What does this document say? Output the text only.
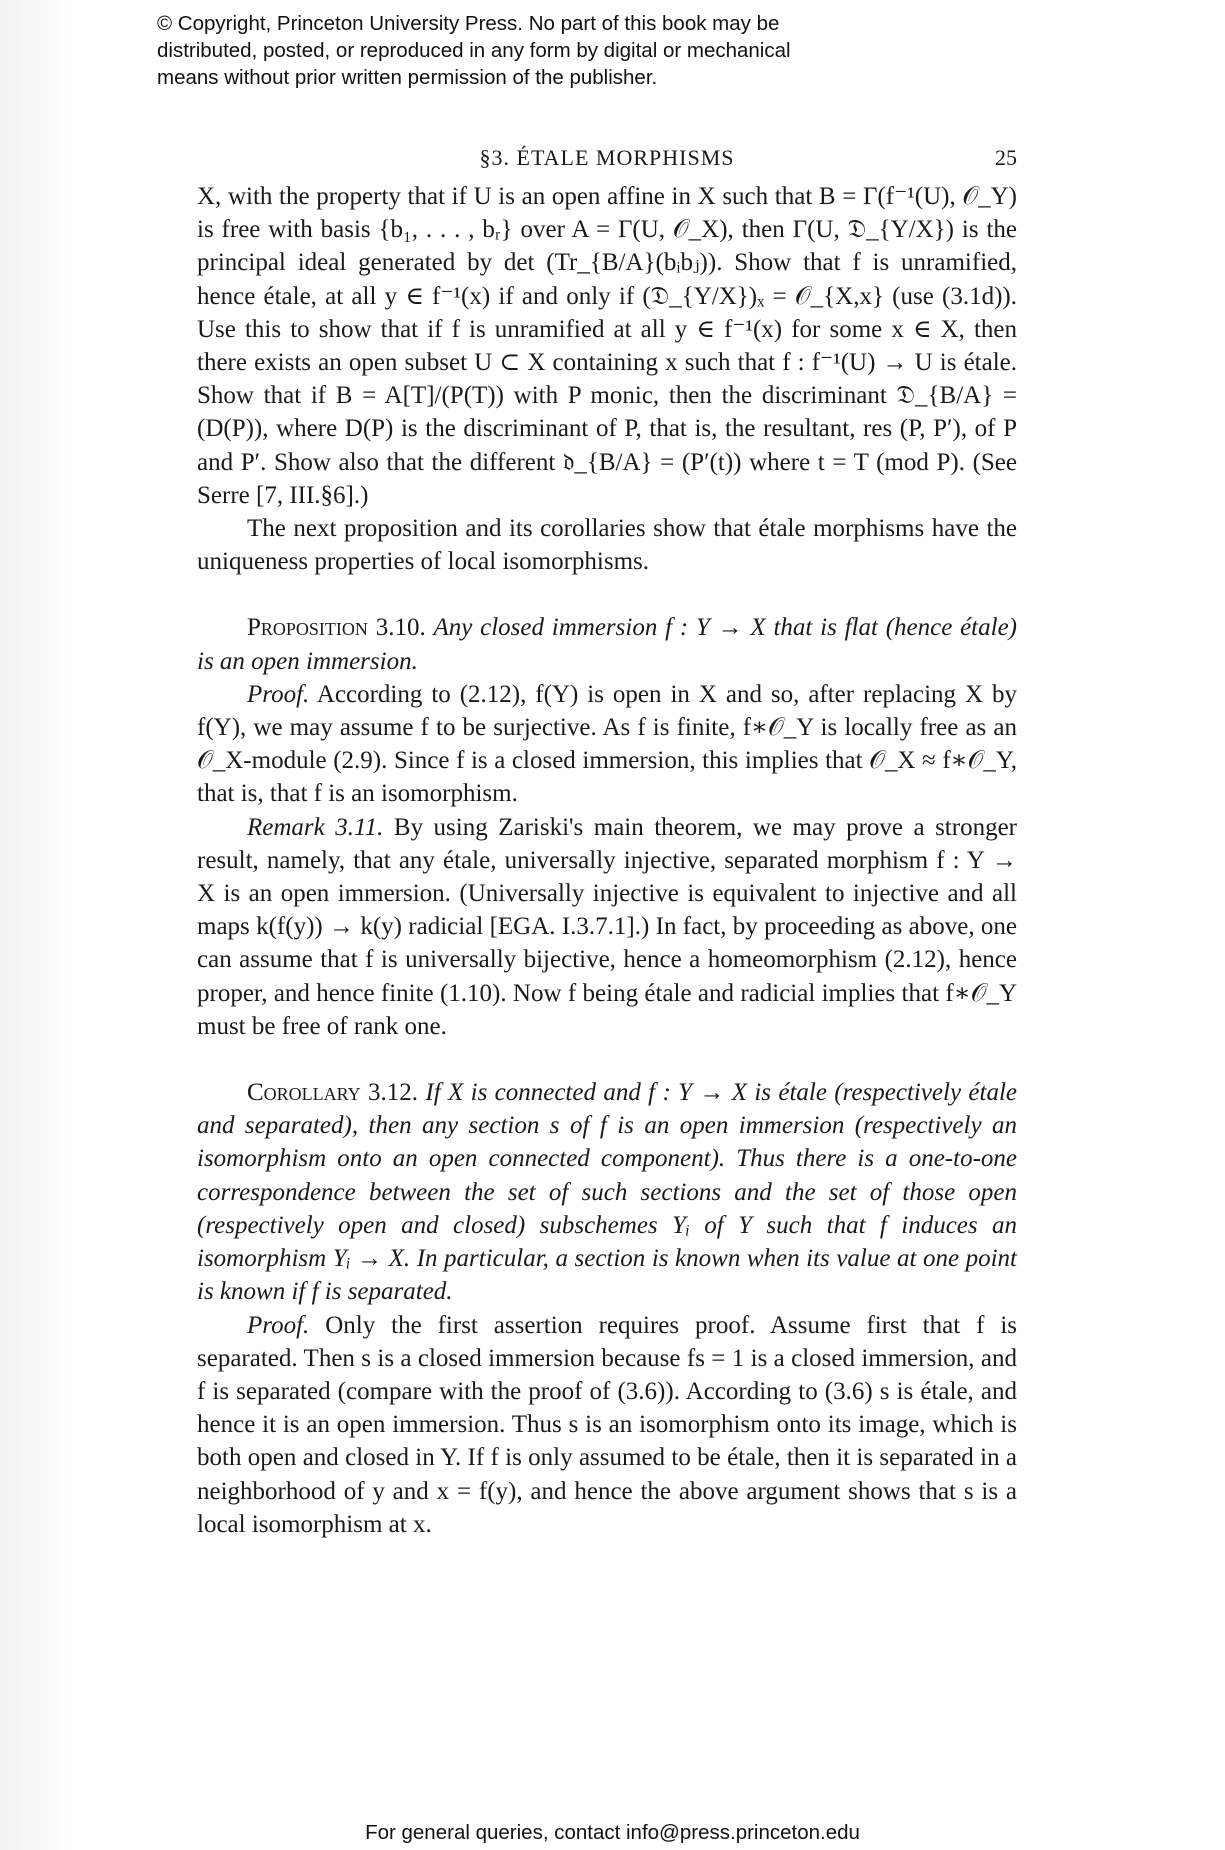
© Copyright, Princeton University Press. No part of this book may be
distributed, posted, or reproduced in any form by digital or mechanical
means without prior written permission of the publisher.
§3. ÉTALE MORPHISMS	25

X, with the property that if U is an open affine in X such that B = Γ(f⁻¹(U), 𝒪_Y) is free with basis {b₁, . . . , bᵣ} over A = Γ(U, 𝒪_X), then Γ(U, 𝔇_{Y/X}) is the principal ideal generated by det (Tr_{B/A}(bᵢbⱼ)). Show that f is unramified, hence étale, at all y ∈ f⁻¹(x) if and only if (𝔇_{Y/X})ₓ = 𝒪_{X,x} (use (3.1d)). Use this to show that if f is unramified at all y ∈ f⁻¹(x) for some x ∈ X, then there exists an open subset U ⊂ X containing x such that f : f⁻¹(U) → U is étale. Show that if B = A[T]/(P(T)) with P monic, then the discriminant 𝔇_{B/A} = (D(P)), where D(P) is the discriminant of P, that is, the resultant, res (P, P′), of P and P′. Show also that the different 𝔡_{B/A} = (P′(t)) where t = T (mod P). (See Serre [7, III.§6].)

The next proposition and its corollaries show that étale morphisms have the uniqueness properties of local isomorphisms.

Proposition 3.10. Any closed immersion f : Y → X that is flat (hence étale) is an open immersion.

Proof. According to (2.12), f(Y) is open in X and so, after replacing X by f(Y), we may assume f to be surjective. As f is finite, f∗𝒪_Y is locally free as an 𝒪_X-module (2.9). Since f is a closed immersion, this implies that 𝒪_X ≈ f∗𝒪_Y, that is, that f is an isomorphism.

Remark 3.11. By using Zariski's main theorem, we may prove a stronger result, namely, that any étale, universally injective, separated morphism f : Y → X is an open immersion. (Universally injective is equivalent to injective and all maps k(f(y)) → k(y) radicial [EGA. I.3.7.1].) In fact, by proceeding as above, one can assume that f is universally bijective, hence a homeomorphism (2.12), hence proper, and hence finite (1.10). Now f being étale and radicial implies that f∗𝒪_Y must be free of rank one.

Corollary 3.12. If X is connected and f : Y → X is étale (respectively étale and separated), then any section s of f is an open immersion (respectively an isomorphism onto an open connected component). Thus there is a one-to-one correspondence between the set of such sections and the set of those open (respectively open and closed) subschemes Yᵢ of Y such that f induces an isomorphism Yᵢ → X. In particular, a section is known when its value at one point is known if f is separated.

Proof. Only the first assertion requires proof. Assume first that f is separated. Then s is a closed immersion because fs = 1 is a closed immersion, and f is separated (compare with the proof of (3.6)). According to (3.6) s is étale, and hence it is an open immersion. Thus s is an isomorphism onto its image, which is both open and closed in Y. If f is only assumed to be étale, then it is separated in a neighborhood of y and x = f(y), and hence the above argument shows that s is a local isomorphism at x.

For general queries, contact info@press.princeton.edu
